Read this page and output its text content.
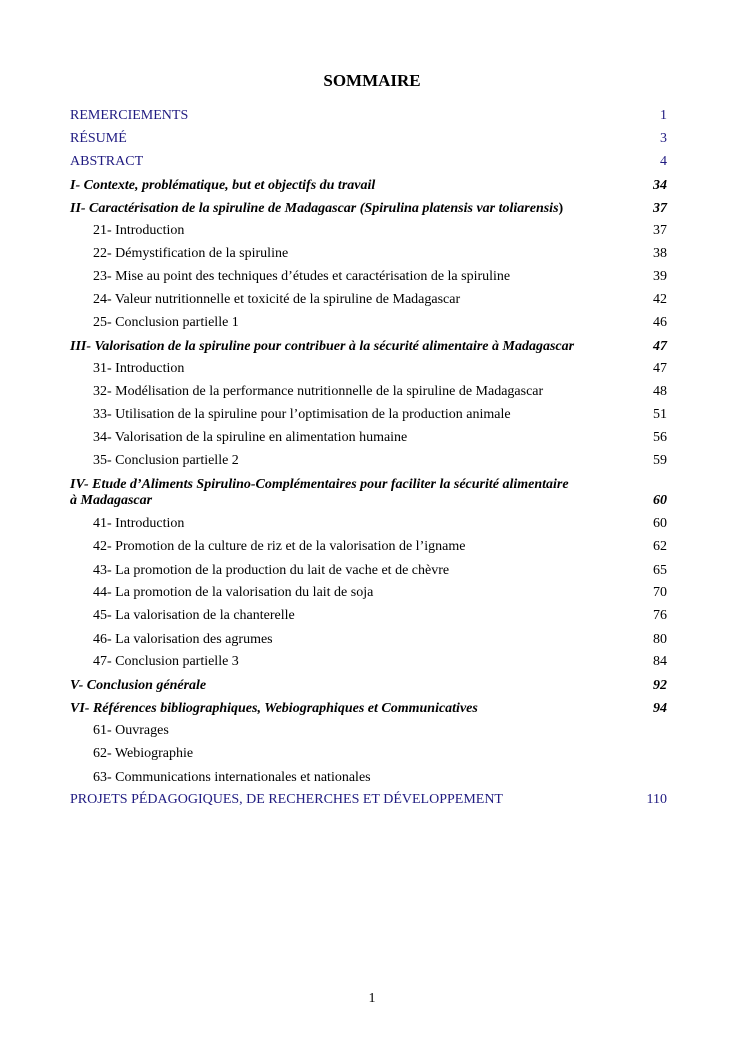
SOMMAIRE
REMERCIEMENTS	1
RÉSUMÉ	3
ABSTRACT	4
I- Contexte, problématique, but et objectifs du travail	34
II- Caractérisation de la spiruline de Madagascar (Spirulina platensis var toliarensis)	37
21- Introduction	37
22- Démystification de la spiruline	38
23- Mise au point des techniques d’études et caractérisation de la spiruline	39
24- Valeur nutritionnelle et toxicité de la spiruline de Madagascar	42
25- Conclusion partielle 1	46
III- Valorisation de la spiruline pour contribuer à la sécurité alimentaire à Madagascar	47
31- Introduction	47
32- Modélisation de la performance nutritionnelle de la spiruline de Madagascar	48
33- Utilisation de la spiruline pour l’optimisation de la production animale	51
34- Valorisation de la spiruline en alimentation humaine	56
35- Conclusion partielle 2	59
IV- Etude d’Aliments Spirulino-Complémentaires pour faciliter la sécurité alimentaire
à Madagascar	60
41- Introduction	60
42- Promotion de la culture de riz et de la valorisation de l’igname	62
43- La promotion de la production du lait de vache et de chèvre	65
44- La promotion de la valorisation du lait de soja	70
45- La valorisation de la chanterelle	76
46- La valorisation des agrumes	80
47- Conclusion partielle 3	84
V- Conclusion générale	92
VI- Références bibliographiques, Webiographiques et Communicatives	94
61- Ouvrages
62- Webiographie
63- Communications internationales et nationales
PROJETS PÉDAGOGIQUES, DE RECHERCHES ET DÉVELOPPEMENT	110
1
